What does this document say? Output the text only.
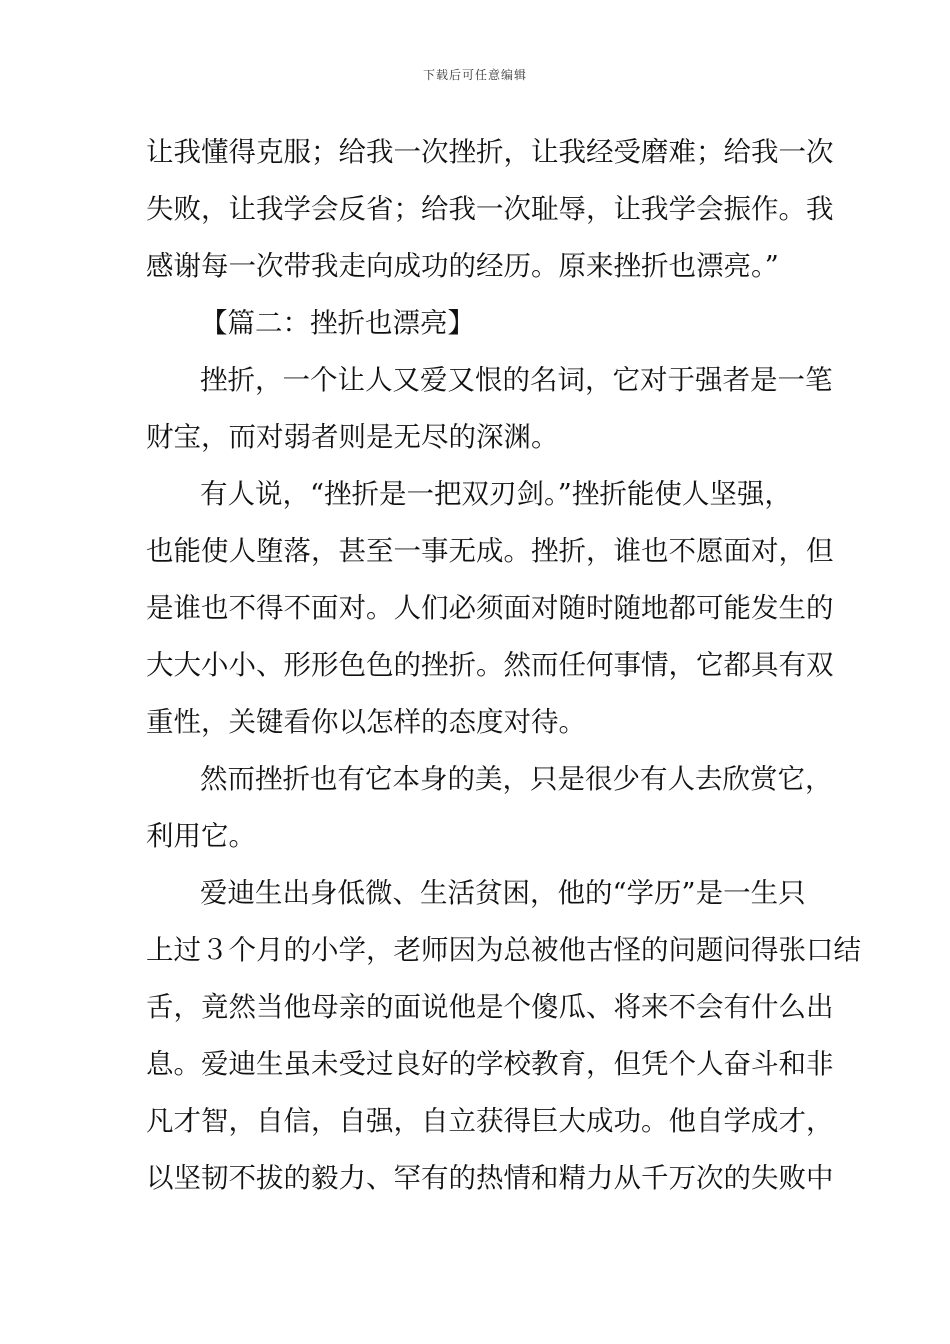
下载后可任意编辑
让我懂得克服；给我一次挫折，让我经受磨难；给我一次
失败，让我学会反省；给我一次耻辱，让我学会振作。我
感谢每一次带我走向成功的经历。原来挫折也漂亮。”
【篇二：挫折也漂亮】
挫折，一个让人又爱又恨的名词，它对于强者是一笔
财宝，而对弱者则是无尽的深渊。
有人说，“挫折是一把双刃剑。”挫折能使人坚强，
也能使人堕落，甚至一事无成。挫折，谁也不愿面对，但
是谁也不得不面对。人们必须面对随时随地都可能发生的
大大小小、形形色色的挫折。然而任何事情，它都具有双
重性，关键看你以怎样的态度对待。
然而挫折也有它本身的美，只是很少有人去欣赏它，
利用它。
爱迪生出身低微、生活贫困，他的“学历”是一生只
上过３个月的小学，老师因为总被他古怪的问题问得张口结
舌，竟然当他母亲的面说他是个傻瓜、将来不会有什么出
息。爱迪生虽未受过良好的学校教育，但凭个人奋斗和非
凡才智，自信，自强，自立获得巨大成功。他自学成才，
以坚韧不拔的毅力、罕有的热情和精力从千万次的失败中
